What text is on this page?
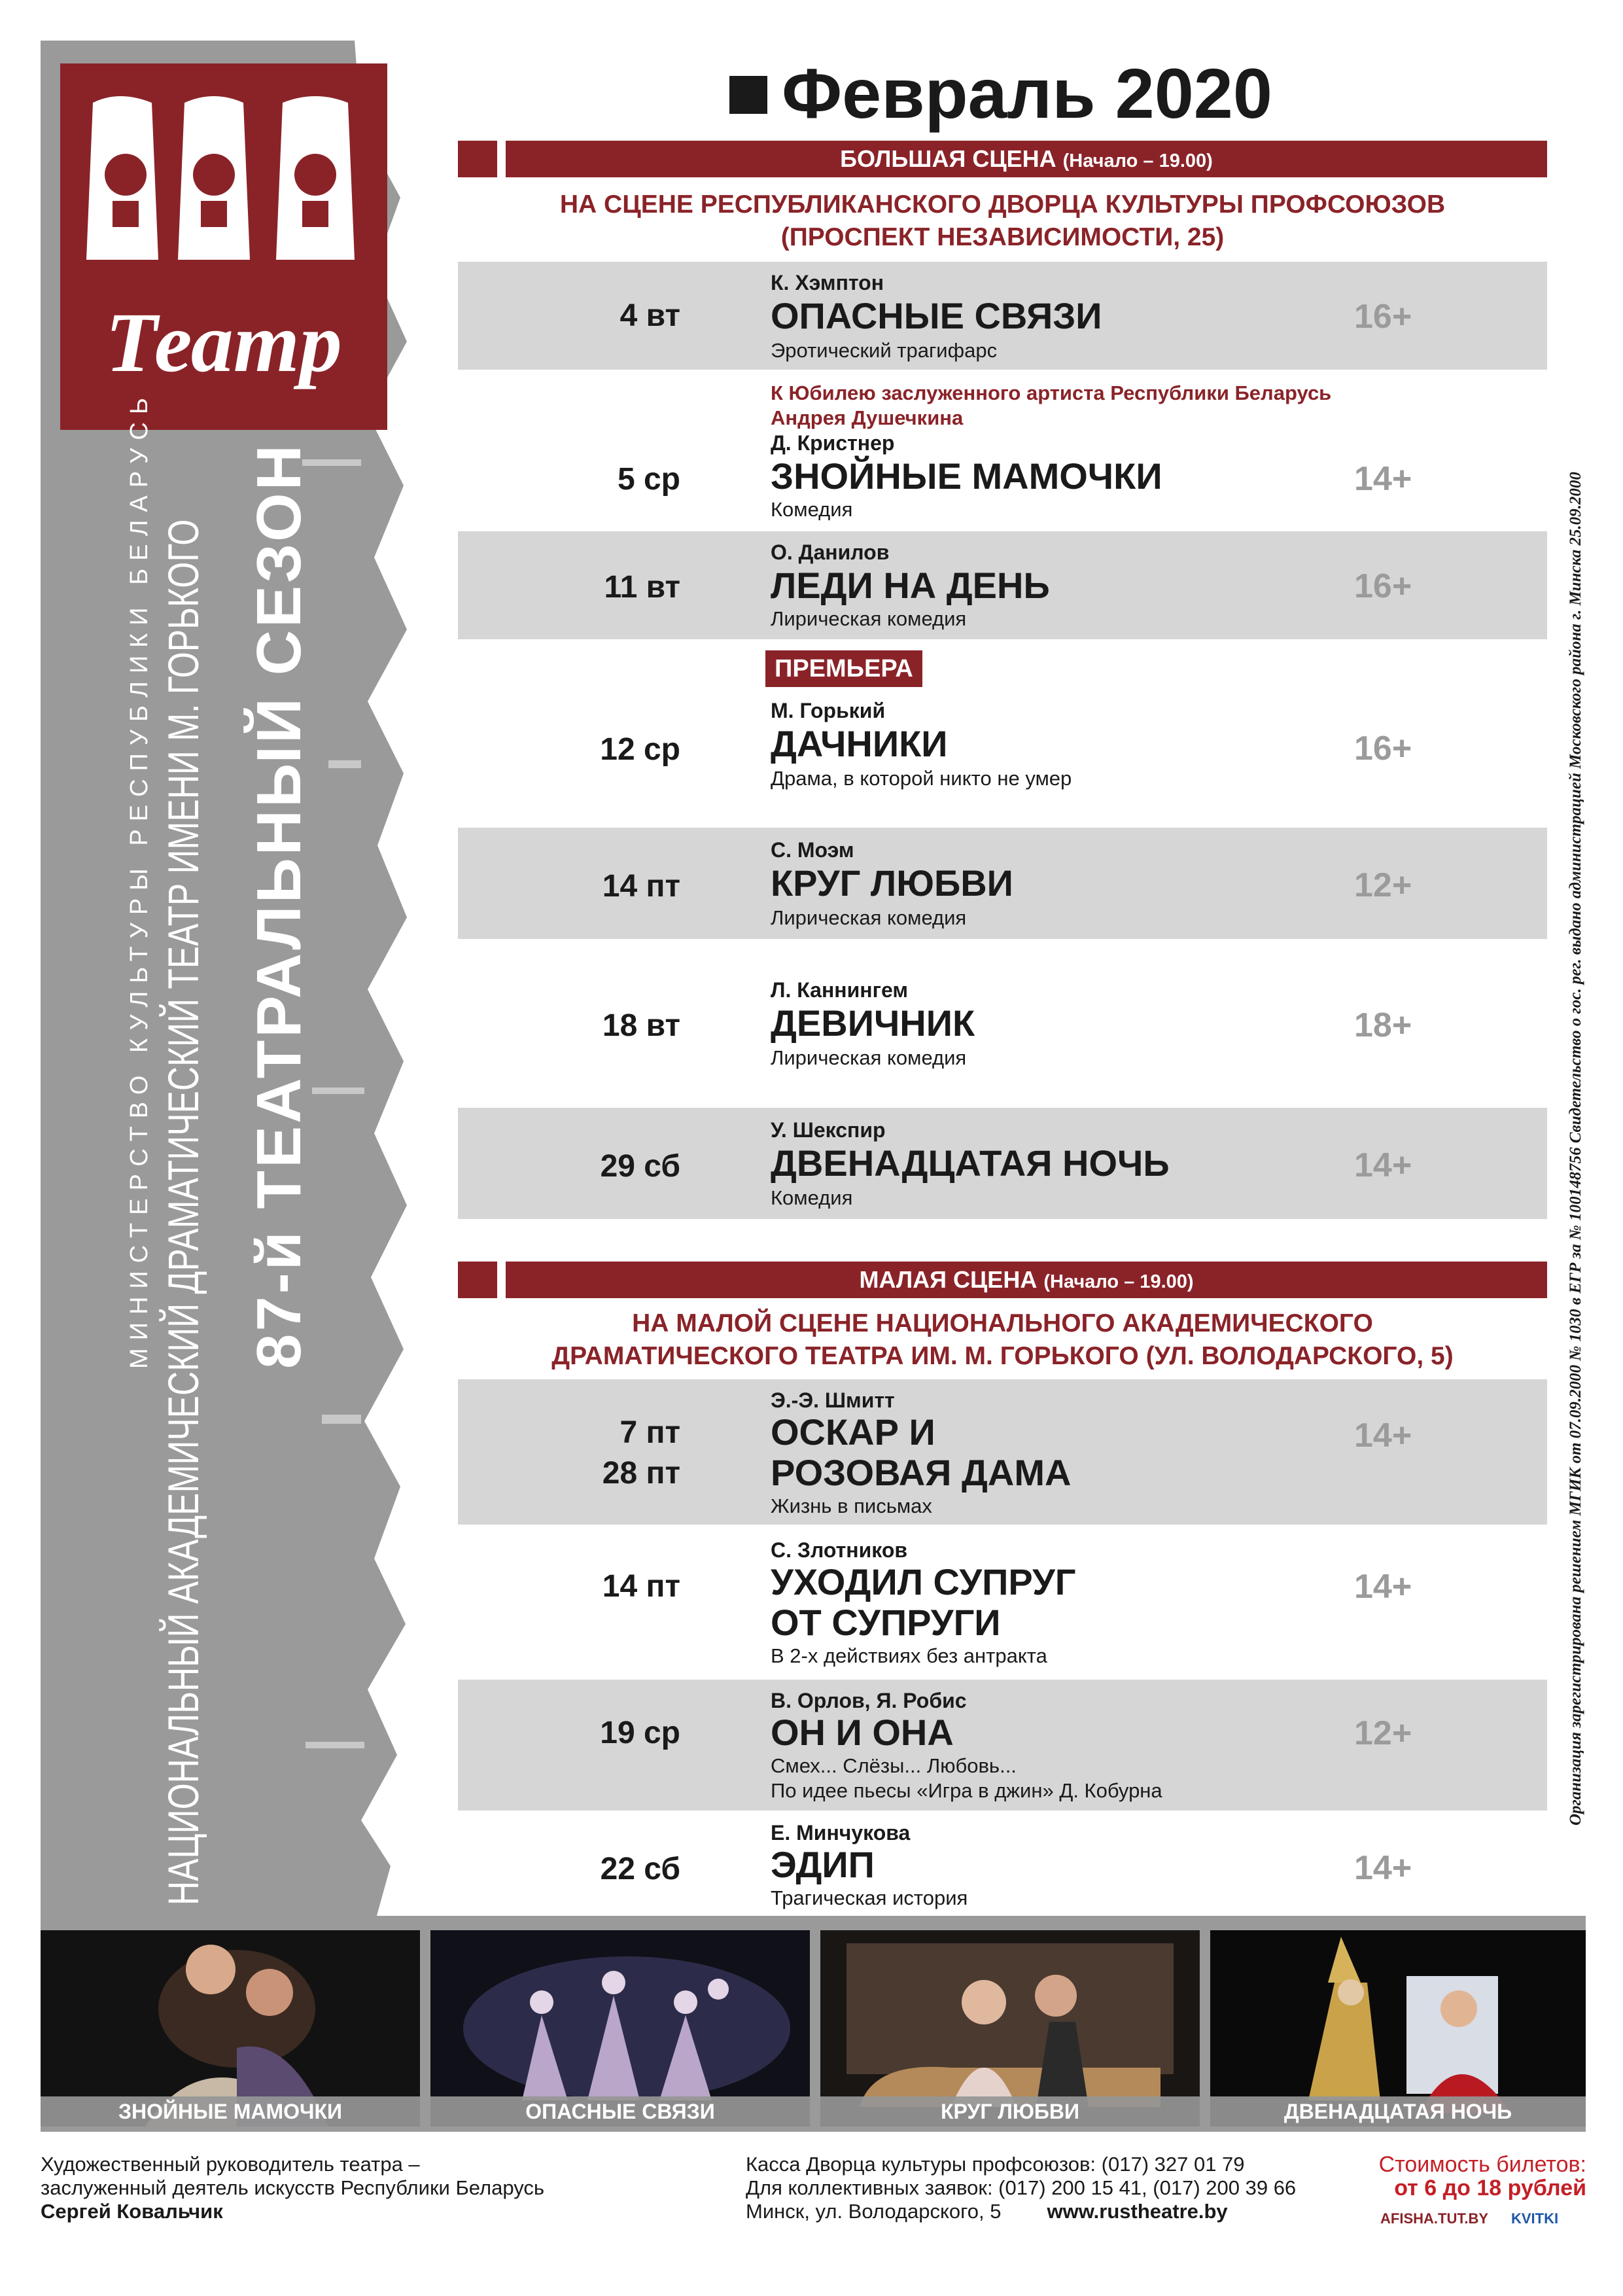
Театр
МИНИСТЕРСТВО КУЛЬТУРЫ РЕСПУБЛИКИ БЕЛАРУСЬ НАЦИОНАЛЬНЫЙ АКАДЕМИЧЕСКИЙ ДРАМАТИЧЕСКИЙ ТЕАТР ИМЕНИ М. ГОРЬКОГО 87-й ТЕАТРАЛЬНЫЙ СЕЗОН
Февраль 2020
БОЛЬШАЯ СЦЕНА (Начало – 19.00)
НА СЦЕНЕ РЕСПУБЛИКАНСКОГО ДВОРЦА КУЛЬТУРЫ ПРОФСОЮЗОВ
(ПРОСПЕКТ НЕЗАВИСИМОСТИ, 25)
4 вт
К. Хэмптон
ОПАСНЫЕ СВЯЗИ
Эротический трагифарс
16+
К Юбилею заслуженного артиста Республики Беларусь
Андрея Душечкина
5 ср
Д. Кристнер
ЗНОЙНЫЕ МАМОЧКИ
Комедия
14+
11 вт
О. Данилов
ЛЕДИ НА ДЕНЬ
Лирическая комедия
16+
ПРЕМЬЕРА
12 ср
М. Горький
ДАЧНИКИ
Драма, в которой никто не умер
16+
14 пт
С. Моэм
КРУГ ЛЮБВИ
Лирическая комедия
12+
18 вт
Л. Каннингем
ДЕВИЧНИК
Лирическая комедия
18+
29 сб
У. Шекспир
ДВЕНАДЦАТАЯ НОЧЬ
Комедия
14+
МАЛАЯ СЦЕНА (Начало – 19.00)
НА МАЛОЙ СЦЕНЕ НАЦИОНАЛЬНОГО АКАДЕМИЧЕСКОГО
ДРАМАТИЧЕСКОГО ТЕАТРА ИМ. М. ГОРЬКОГО (УЛ. ВОЛОДАРСКОГО, 5)
7 пт
28 пт
Э.-Э. Шмитт
ОСКАР И
РОЗОВАЯ ДАМА
Жизнь в письмах
14+
14 пт
С. Злотников
УХОДИЛ СУПРУГ
ОТ СУПРУГИ
В 2-х действиях без антракта
14+
19 ср
В. Орлов, Я. Робис
ОН И ОНА
Смех... Слёзы... Любовь...
По идее пьесы «Игра в джин» Д. Кобурна
12+
22 сб
Е. Минчукова
ЭДИП
Трагическая история
14+
Организация зарегистрирована решением МГИК от 07.09.2000 № 1030 в ЕГР за № 100148756 Свидетельство о гос. рег. выдано администрацией Московского района г. Минска 25.09.2000
ЗНОЙНЫЕ МАМОЧКИ	ОПАСНЫЕ СВЯЗИ	КРУГ ЛЮБВИ	ДВЕНАДЦАТАЯ НОЧЬ
Художественный руководитель театра –
заслуженный деятель искусств Республики Беларусь
Сергей Ковальчик
Касса Дворца культуры профсоюзов: (017) 327 01 79
Для коллективных заявок: (017) 200 15 41, (017) 200 39 66
Минск, ул. Володарского, 5 www.rustheatre.by
Стоимость билетов:
от 6 до 18 рублей
AFISHA.TUT.BY KVITKI
